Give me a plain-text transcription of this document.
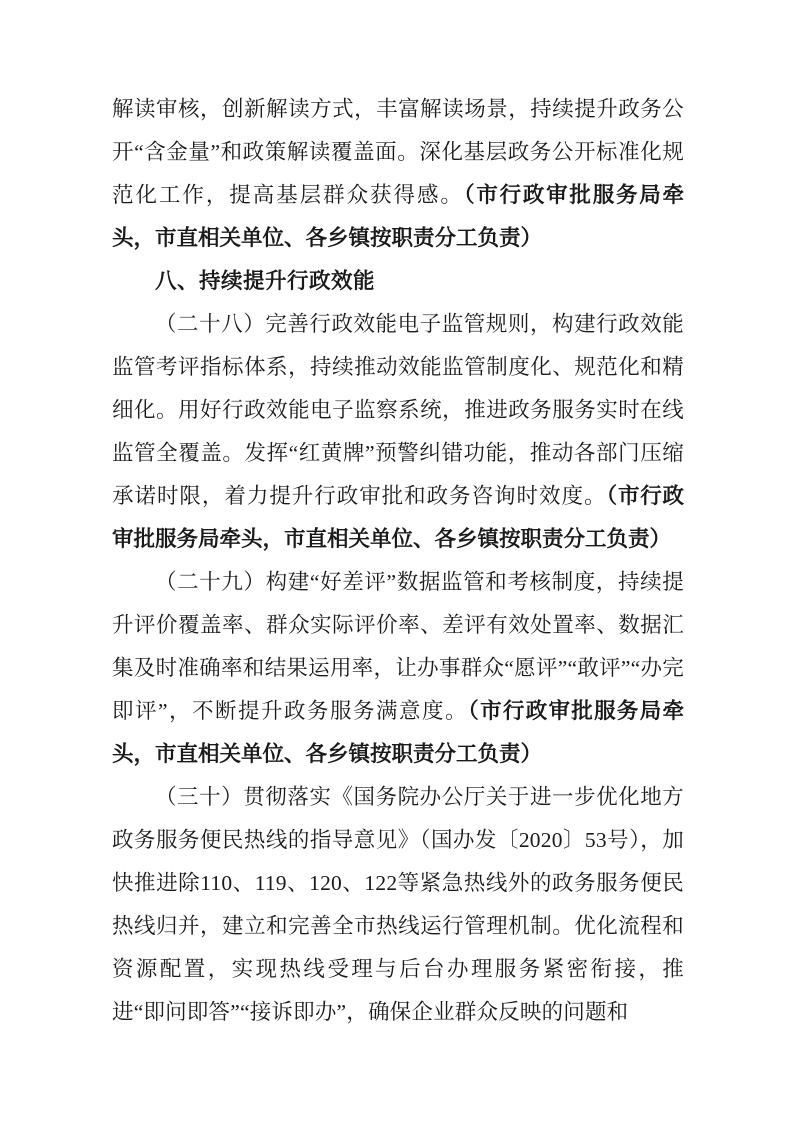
解读审核，创新解读方式，丰富解读场景，持续提升政务公开“含金量”和政策解读覆盖面。深化基层政务公开标准化规范化工作，提高基层群众获得感。（市行政审批服务局牵头，市直相关单位、各乡镇按职责分工负责）

八、持续提升行政效能

（二十八）完善行政效能电子监管规则，构建行政效能监管考评指标体系，持续推动效能监管制度化、规范化和精细化。用好行政效能电子监察系统，推进政务服务实时在线监管全覆盖。发挥“红黄牌”预警纠错功能，推动各部门压缩承诺时限，着力提升行政审批和政务咨询时效度。（市行政审批服务局牵头，市直相关单位、各乡镇按职责分工负责）

（二十九）构建“好差评”数据监管和考核制度，持续提升评价覆盖率、群众实际评价率、差评有效处置率、数据汇集及时准确率和结果运用率，让办事群众“愿评”“敢评”“办完即评”，不断提升政务服务满意度。（市行政审批服务局牵头，市直相关单位、各乡镇按职责分工负责）

（三十）贯彻落实《国务院办公厅关于进一步优化地方政务服务便民热线的指导意见》（国办发〔2020〕53号），加快推进除110、119、120、122等紧急热线外的政务服务便民热线归并，建立和完善全市热线运行管理机制。优化流程和资源配置，实现热线受理与后台办理服务紧密衔接，推进“即问即答”“接诉即办”，确保企业群众反映的问题和
